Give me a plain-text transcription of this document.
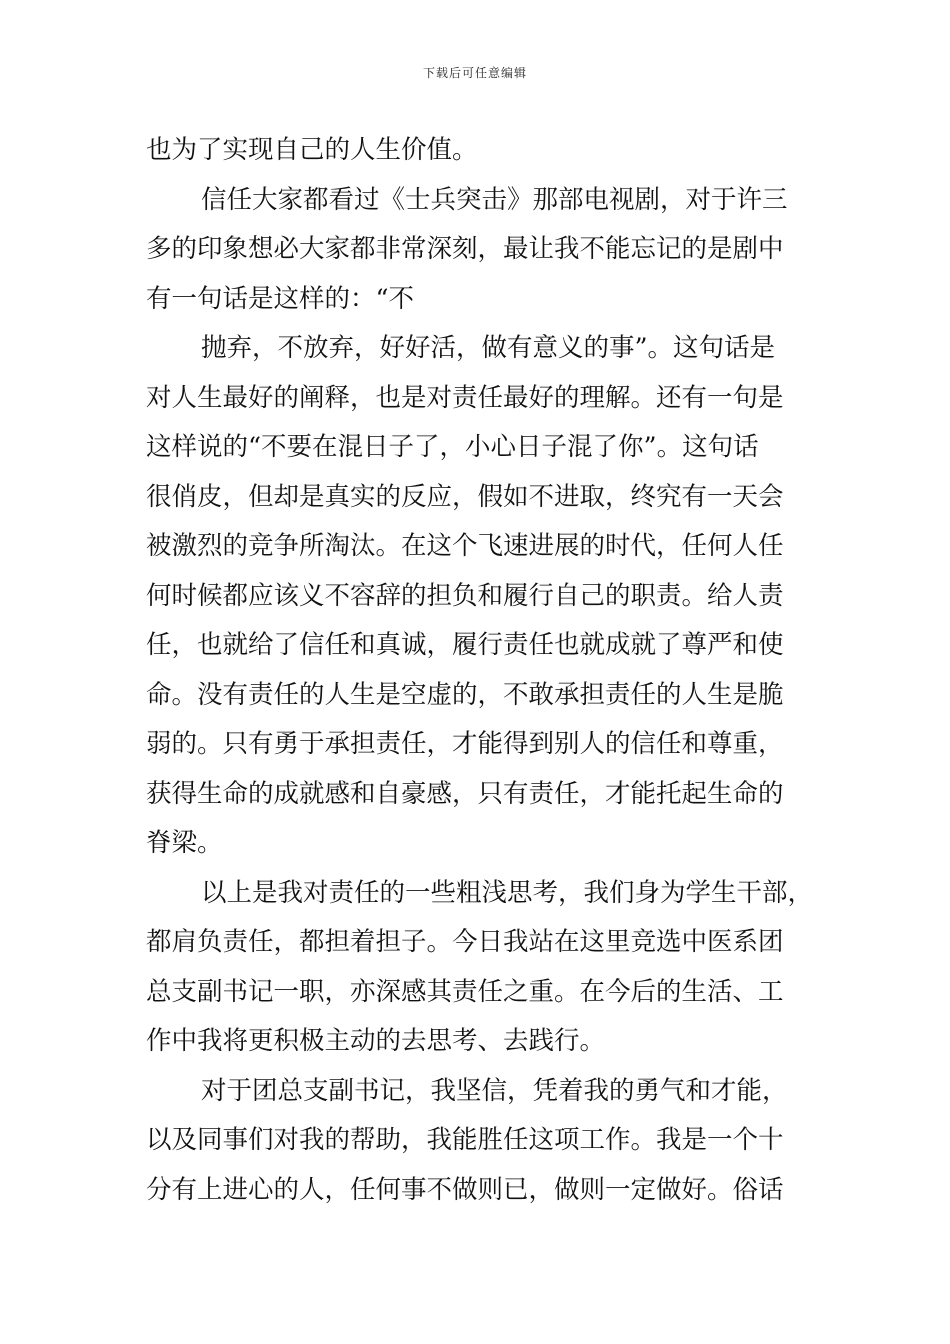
下载后可任意编辑
也为了实现自己的人生价值。
信任大家都看过《士兵突击》那部电视剧，对于许三
多的印象想必大家都非常深刻，最让我不能忘记的是剧中
有一句话是这样的：“不
抛弃，不放弃，好好活，做有意义的事”。这句话是
对人生最好的阐释，也是对责任最好的理解。还有一句是
这样说的“不要在混日子了，小心日子混了你”。这句话
很俏皮，但却是真实的反应，假如不进取，终究有一天会
被激烈的竞争所淘汰。在这个飞速进展的时代，任何人任
何时候都应该义不容辞的担负和履行自己的职责。给人责
任，也就给了信任和真诚，履行责任也就成就了尊严和使
命。没有责任的人生是空虚的，不敢承担责任的人生是脆
弱的。只有勇于承担责任，才能得到别人的信任和尊重，
获得生命的成就感和自豪感，只有责任，才能托起生命的
脊梁。
以上是我对责任的一些粗浅思考，我们身为学生干部，
都肩负责任，都担着担子。今日我站在这里竞选中医系团
总支副书记一职，亦深感其责任之重。在今后的生活、工
作中我将更积极主动的去思考、去践行。
对于团总支副书记，我坚信，凭着我的勇气和才能，
以及同事们对我的帮助，我能胜任这项工作。我是一个十
分有上进心的人，任何事不做则已，做则一定做好。俗话
